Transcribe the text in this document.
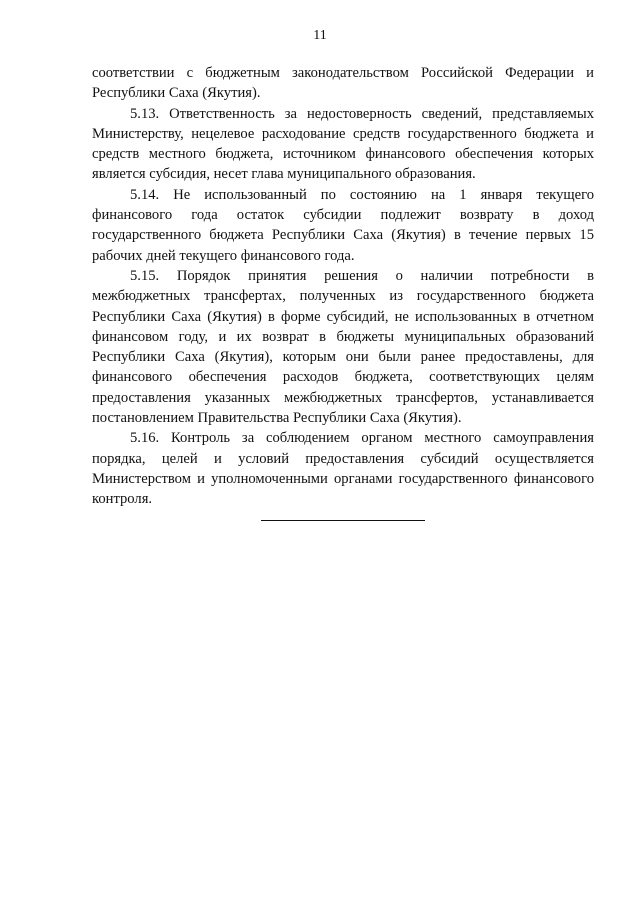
11

соответствии с бюджетным законодательством Российской Федерации и Республики Саха (Якутия).

5.13. Ответственность за недостоверность сведений, представляемых Министерству, нецелевое расходование средств государственного бюджета и средств местного бюджета, источником финансового обеспечения которых является субсидия, несет глава муниципального образования.

5.14. Не использованный по состоянию на 1 января текущего финансового года остаток субсидии подлежит возврату в доход государственного бюджета Республики Саха (Якутия) в течение первых 15 рабочих дней текущего финансового года.

5.15. Порядок принятия решения о наличии потребности в межбюджетных трансфертах, полученных из государственного бюджета Республики Саха (Якутия) в форме субсидий, не использованных в отчетном финансовом году, и их возврат в бюджеты муниципальных образований Республики Саха (Якутия), которым они были ранее предоставлены, для финансового обеспечения расходов бюджета, соответствующих целям предоставления указанных межбюджетных трансфертов, устанавливается постановлением Правительства Республики Саха (Якутия).

5.16. Контроль за соблюдением органом местного самоуправления порядка, целей и условий предоставления субсидий осуществляется Министерством и уполномоченными органами государственного финансового контроля.
